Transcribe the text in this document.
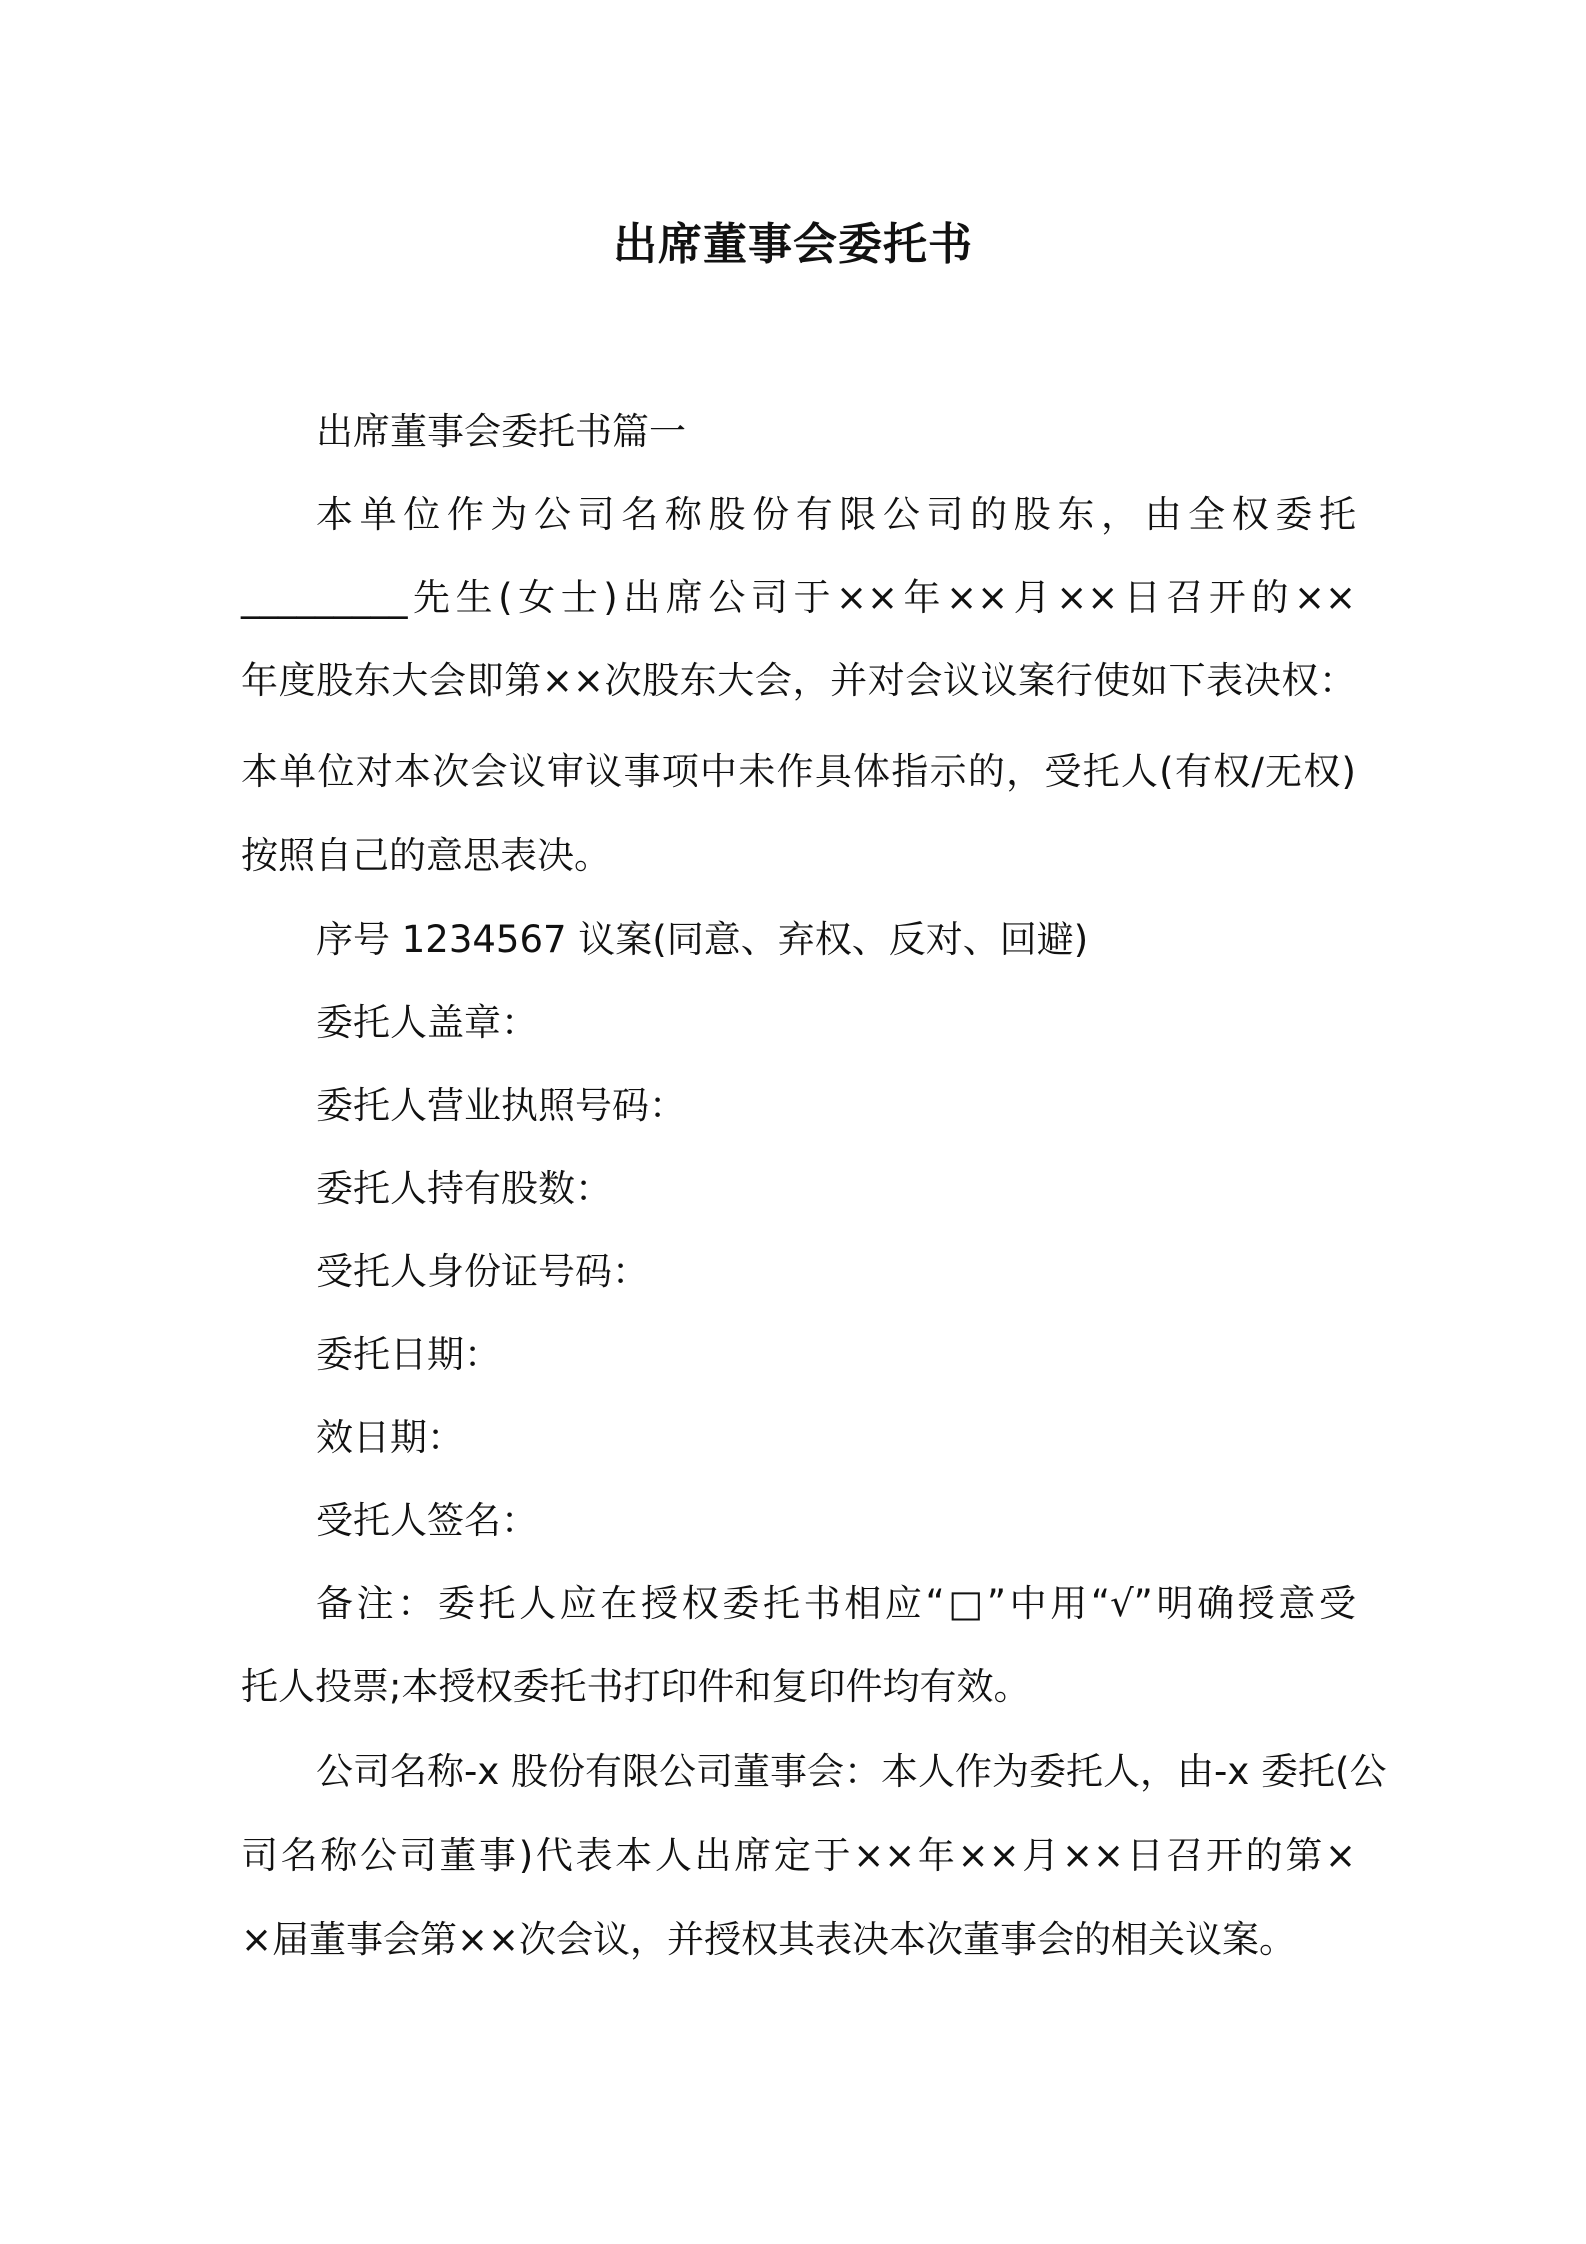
出席董事会委托书
出席董事会委托书篇一
本单位作为公司名称股份有限公司的股东，由全权委托
_________先生(女士)出席公司于××年××月××日召开的××
年度股东大会即第××次股东大会，并对会议议案行使如下表决权：
本单位对本次会议审议事项中未作具体指示的，受托人(有权/无权)
按照自己的意思表决。
序号 1234567 议案(同意、弃权、反对、回避)
委托人盖章：
委托人营业执照号码：
委托人持有股数：
受托人身份证号码：
委托日期：
效日期：
受托人签名：
备注：委托人应在授权委托书相应“□”中用“√”明确授意受
托人投票;本授权委托书打印件和复印件均有效。
公司名称-x 股份有限公司董事会：本人作为委托人，由-x 委托(公
司名称公司董事)代表本人出席定于××年××月××日召开的第×
×届董事会第××次会议，并授权其表决本次董事会的相关议案。
